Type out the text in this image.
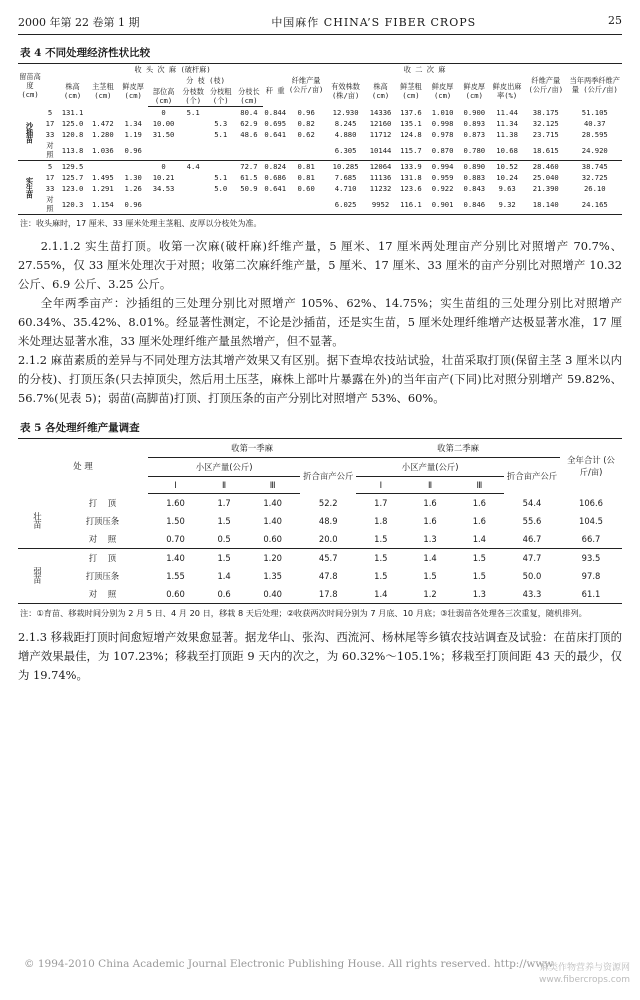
2000 年第 22 卷第 1 期	中国麻作 CHINA’S FIBER CROPS	25
表 4 不同处理经济性状比较
留苗高度 (cm)		收 头 次 麻 (破杆麻)								纤维产量 (公斤/亩)	收 二 次 麻						纤维产量 (公斤/亩)	当年两季纤维产量 (公斤/亩)
		株高 (cm)	主茎粗 (cm)	鲜皮厚 (cm)	分 枝 (枝)				秆 重		有效株数 (株/亩)	株高 (cm)	鲜茎粗 (cm)	鲜皮厚 (cm)	鲜皮厚 (cm)	鲜皮出麻率(%)		
					部位高 (cm)	分枝数 (个)	分枝粗 (个)	分枝长 (cm)										
沙插苗	5	131.1			0	5.1		80.4	0.844	0.96	12.930	14336	137.6	1.010	0.900	11.44	38.175	51.105
	17	125.0	1.472	1.34	10.00		5.3	62.9	0.695	0.82	8.245	12160	135.1	0.998	0.893	11.34	32.125	40.37
	33	120.8	1.280	1.19	31.50		5.1	48.6	0.641	0.62	4.880	11712	124.8	0.978	0.873	11.38	23.715	28.595
	对照	113.8	1.036	0.96							6.305	10144	115.7	0.870	0.780	10.68	18.615	24.920
实生苗	5	129.5			0	4.4		72.7	0.824	0.81	10.285	12064	133.9	0.994	0.890	10.52	28.460	38.745
	17	125.7	1.495	1.30	10.21		5.1	61.5	0.686	0.81	7.685	11136	131.8	0.959	0.883	10.24	25.040	32.725
	33	123.0	1.291	1.26	34.53		5.0	50.9	0.641	0.60	4.710	11232	123.6	0.922	0.843	9.63	21.390	26.10
	对照	120.3	1.154	0.96							6.025	9952	116.1	0.901	0.846	9.32	18.140	24.165
注：收头麻时，17 厘米、33 厘米处理主茎粗、皮厚以分枝处为准。

2.1.1.2 实生苗打顶。收第一次麻(破杆麻)纤维产量，5 厘米、17 厘米两处理亩产分别比对照增产 70.7%、27.55%，仅 33 厘米处理次于对照；收第二次麻纤维产量，5 厘米、17 厘米、33 厘米的亩产分别比对照增产 10.32 公斤、6.9 公斤、3.25 公斤。

全年两季亩产：沙插组的三处理分别比对照增产 105%、62%、14.75%；实生苗组的三处理分别比对照增产 60.34%、35.42%、8.01%。经显著性测定，不论是沙插苗，还是实生苗，5 厘米处理纤维增产达极显著水准，17 厘米处理达显著水准，33 厘米处理纤维产量虽然增产，但不显著。

2.1.2 麻苗素质的差异与不同处理方法其增产效果又有区别。据下查埠农技站试验，壮苗采取打顶(保留主茎 3 厘米以内的分枝)、打顶压条(只去掉顶尖，然后用土压茎，麻株上部叶片暴露在外)的当年亩产(下同)比对照分别增产 59.82%、56.7%(见表 5)；弱苗(高脚苗)打顶、打顶压条的亩产分别比对照增产 53%、60%。

表 5 各处理纤维产量调查
处 理		收第一季麻				收第二季麻				全年合计 (公斤/亩)
		小区产量(公斤)			折合亩产公斤	小区产量(公斤)			折合亩产公斤	
		Ⅰ	Ⅱ	Ⅲ		Ⅰ	Ⅱ	Ⅲ		
壮苗	打    顶	1.60	1.7	1.40	52.2	1.7	1.6	1.6	54.4	106.6
	打顶压条	1.50	1.5	1.40	48.9	1.8	1.6	1.6	55.6	104.5
	对    照	0.70	0.5	0.60	20.0	1.5	1.3	1.4	46.7	66.7
弱苗	打    顶	1.40	1.5	1.20	45.7	1.5	1.4	1.5	47.7	93.5
	打顶压条	1.55	1.4	1.35	47.8	1.5	1.5	1.5	50.0	97.8
	对    照	0.60	0.6	0.40	17.8	1.4	1.2	1.3	43.3	61.1
注：①育苗、移栽时间分别为 2 月 5 日、4 月 20 日，移栽 8 天后处理；②收获两次时间分别为 7 月底、10 月底；③壮弱苗各处理各三次重复，随机排列。

2.1.3 移栽距打顶时间愈短增产效果愈显著。据龙华山、张沟、西流河、杨林尾等乡镇农技站调查及试验：在苗床打顶的增产效果最佳，为 107.23%；移栽至打顶距 9 天内的次之，为 60.32%～105.1%；移栽至打顶间距 43 天的最少，仅为 19.74%。

© 1994-2010 China Academic Journal Electronic Publishing House. All rights reserved. http://www
麻类作物营养与资源网
www.fibercrops.com
